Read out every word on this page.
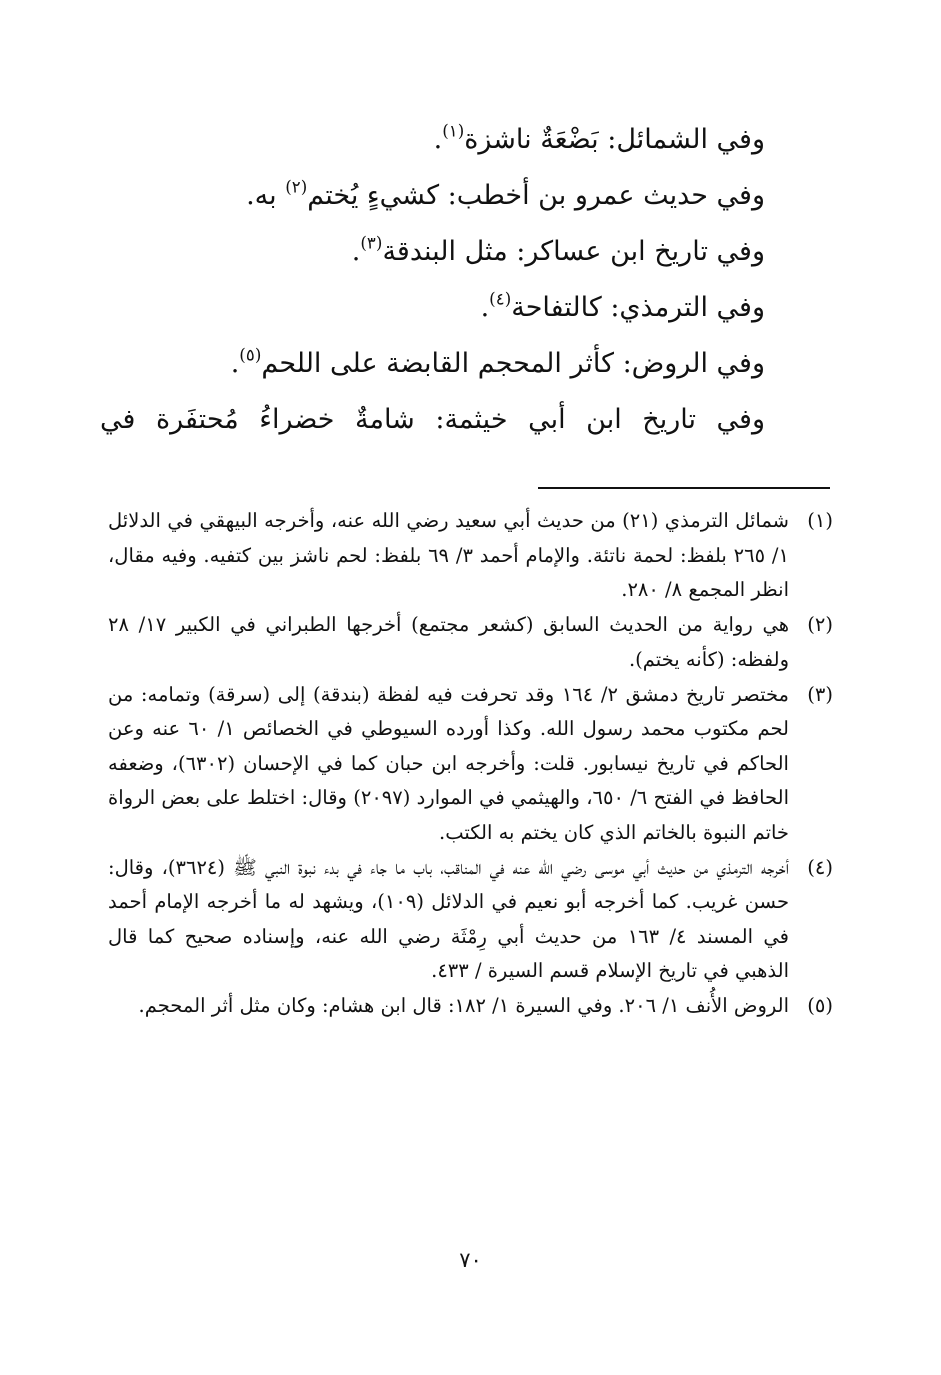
وفي الشمائل: بَضْعَةٌ ناشزة$^{(١)}$.

وفي حديث عمرو بن أخطب: كشيءٍ يُختم$^{(٢)}$ به.

وفي تاريخ ابن عساكر: مثل البندقة$^{(٣)}$.

وفي الترمذي: كالتفاحة$^{(٤)}$.

وفي الروض: كأثر المحجم القابضة على اللحم$^{(٥)}$.

وفي تاريخ ابن أبي خيثمة: شامةٌ خضراءُ مُحتفَرة في

(١)
شمائل الترمذي (٢١) من حديث أبي سعيد رضي الله عنه، وأخرجه البيهقي في الدلائل ١/ ٢٦٥ بلفظ: لحمة ناتئة. والإمام أحمد ٣/ ٦٩ بلفظ: لحم ناشز بين كتفيه. وفيه مقال، انظر المجمع ٨/ ٢٨٠.
(٢)
هي رواية من الحديث السابق (كشعر مجتمع) أخرجها الطبراني في الكبير ١٧/ ٢٨ ولفظه: (كأنه يختم).
(٣)
مختصر تاريخ دمشق ٢/ ١٦٤ وقد تحرفت فيه لفظة (بندقة) إلى (سرقة) وتمامه: من لحم مكتوب محمد رسول الله. وكذا أورده السيوطي في الخصائص ١/ ٦٠ عنه وعن الحاكم في تاريخ نيسابور. قلت: وأخرجه ابن حبان كما في الإحسان (٦٣٠٢)، وضعفه الحافظ في الفتح ٦/ ٦٥٠، والهيثمي في الموارد (٢٠٩٧) وقال: اختلط على بعض الرواة خاتم النبوة بالخاتم الذي كان يختم به الكتب.
(٤)
أخرجه الترمذي من حديث أبي موسى رضي الله عنه في المناقب، باب ما جاء في بدء نبوة النبي ﷺ (٣٦٢٤)، وقال: حسن غريب. كما أخرجه أبو نعيم في الدلائل (١٠٩)، ويشهد له ما أخرجه الإمام أحمد في المسند ٤/ ١٦٣ من حديث أبي رِمْثَة رضي الله عنه، وإسناده صحيح كما قال الذهبي في تاريخ الإسلام قسم السيرة / ٤٣٣.
(٥)
الروض الأُنف ١/ ٢٠٦. وفي السيرة ١/ ١٨٢: قال ابن هشام: وكان مثل أثر المحجم.
٧٠
